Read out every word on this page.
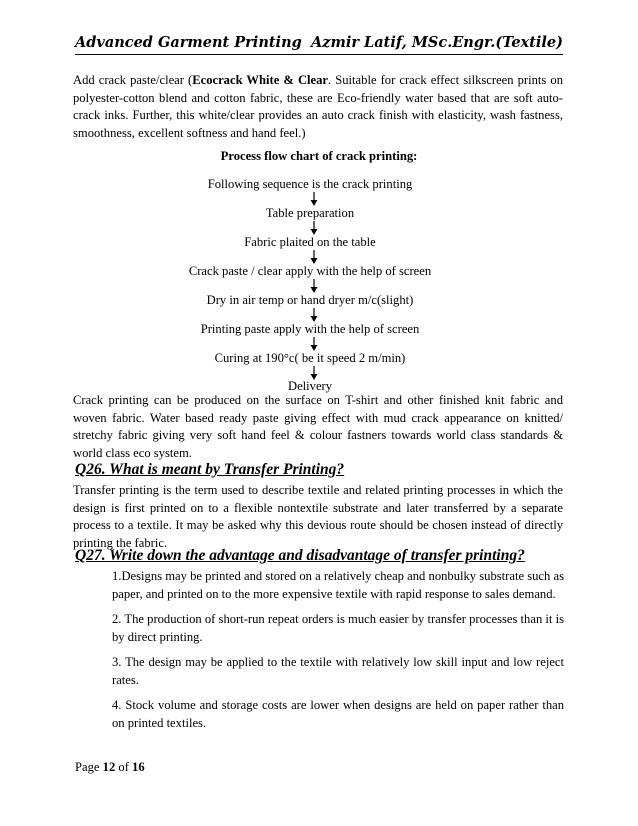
Advanced Garment Printing Azmir Latif, MSc.Engr.(Textile)
Add crack paste/clear (Ecocrack White & Clear. Suitable for crack effect silkscreen prints on polyester-cotton blend and cotton fabric, these are Eco-friendly water based that are soft auto-crack inks. Further, this white/clear provides an auto crack finish with elasticity, wash fastness, smoothness, excellent softness and hand feel.)
Process flow chart of crack printing:
Following sequence is the crack printing
Table preparation
Fabric plaited on the table
Crack paste / clear apply with the help of screen
Dry in air temp or hand dryer m/c(slight)
Printing paste apply with the help of screen
Curing at 190°c( be it speed 2 m/min)
Delivery
Crack printing can be produced on the surface on T-shirt and other finished knit fabric and woven fabric. Water based ready paste giving effect with mud crack appearance on knitted/ stretchy fabric giving very soft hand feel & colour fastners towards world class standards & world class eco system.
Q26. What is meant by Transfer Printing?
Transfer printing is the term used to describe textile and related printing processes in which the design is first printed on to a flexible nontextile substrate and later transferred by a separate process to a textile. It may be asked why this devious route should be chosen instead of directly printing the fabric.
Q27. Write down the advantage and disadvantage of transfer printing?
1.Designs may be printed and stored on a relatively cheap and nonbulky substrate such as paper, and printed on to the more expensive textile with rapid response to sales demand.
2. The production of short-run repeat orders is much easier by transfer processes than it is by direct printing.
3. The design may be applied to the textile with relatively low skill input and low reject rates.
4. Stock volume and storage costs are lower when designs are held on paper rather than on printed textiles.
Page 12 of 16
